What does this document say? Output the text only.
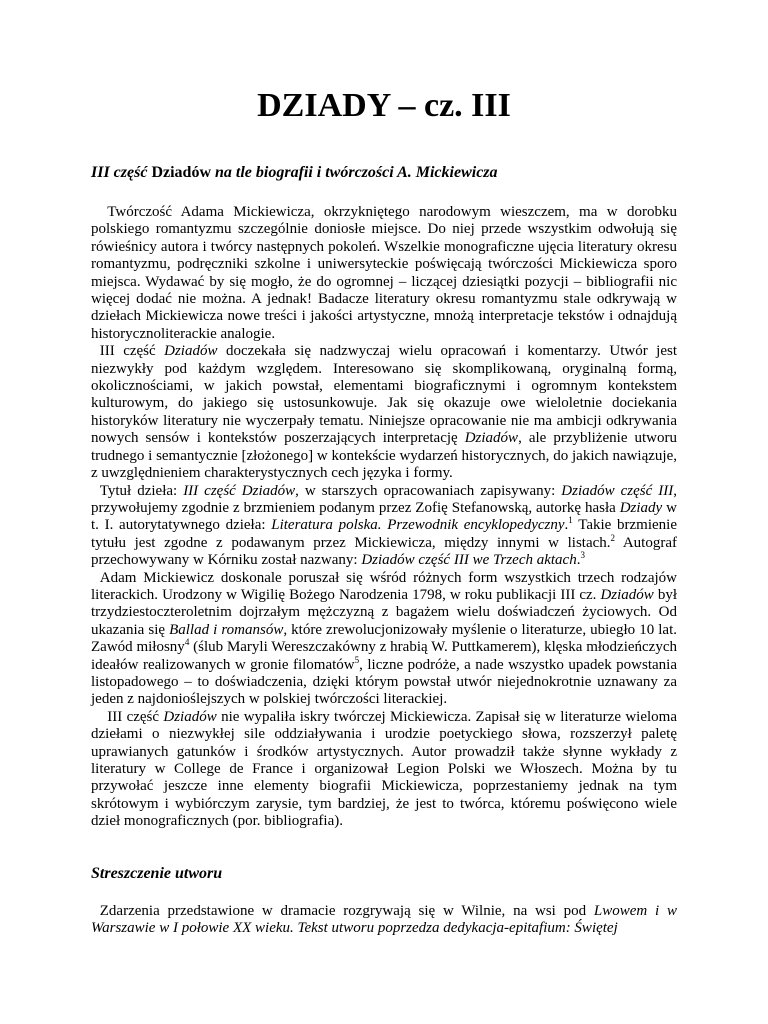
DZIADY – cz. III
III część Dziadów na tle biografii i twórczości A. Mickiewicza

  Twórczość Adama Mickiewicza, okrzykniętego narodowym wieszczem, ma w dorobku polskiego romantyzmu szczególnie doniosłe miejsce. Do niej przede wszystkim odwołują się rówieśnicy autora i twórcy następnych pokoleń. Wszelkie monograficzne ujęcia literatury okresu romantyzmu, podręczniki szkolne i uniwersyteckie poświęcają twórczości Mickiewicza sporo miejsca. Wydawać by się mogło, że do ogromnej – liczącej dziesiątki pozycji – bibliografii nic więcej dodać nie można. A jednak! Badacze literatury okresu romantyzmu stale odkrywają w dziełach Mickiewicza nowe treści i jakości artystyczne, mnożą interpretacje tekstów i odnajdują historycznoliterackie analogie.

  III część Dziadów doczekała się nadzwyczaj wielu opracowań i komentarzy. Utwór jest niezwykły pod każdym względem. Interesowano się skomplikowaną, oryginalną formą, okolicznościami, w jakich powstał, elementami biograficznymi i ogromnym kontekstem kulturowym, do jakiego się ustosunkowuje. Jak się okazuje owe wieloletnie dociekania historyków literatury nie wyczerpały tematu. Niniejsze opracowanie nie ma ambicji odkrywania nowych sensów i kontekstów poszerzających interpretację Dziadów, ale przybliżenie utworu trudnego i semantycznie [złożonego] w kontekście wydarzeń historycznych, do jakich nawiązuje, z uwzględnieniem charakterystycznych cech języka i formy.

  Tytuł dzieła: III część Dziadów, w starszych opracowaniach zapisywany: Dziadów część III, przywołujemy zgodnie z brzmieniem podanym przez Zofię Stefanowską, autorkę hasła Dziady w t. I. autorytatywnego dzieła: Literatura polska. Przewodnik encyklopedyczny.$^1$ Takie brzmienie tytułu jest zgodne z podawanym przez Mickiewicza, między innymi w listach.$^2$ Autograf przechowywany w Kórniku został nazwany: Dziadów część III we Trzech aktach.$^3$

  Adam Mickiewicz doskonale poruszał się wśród różnych form wszystkich trzech rodzajów literackich. Urodzony w Wigilię Bożego Narodzenia 1798, w roku publikacji III cz. Dziadów był trzydziestoczteroletnim dojrzałym mężczyzną z bagażem wielu doświadczeń życiowych. Od ukazania się Ballad i romansów, które zrewolucjonizowały myślenie o literaturze, ubiegło 10 lat. Zawód miłosny$^4$ (ślub Maryli Wereszczakówny z hrabią W. Puttkamerem), klęska młodzieńczych ideałów realizowanych w gronie filomatów$^5$, liczne podróże, a nade wszystko upadek powstania listopadowego – to doświadczenia, dzięki którym powstał utwór niejednokrotnie uznawany za jeden z najdonioślejszych w polskiej twórczości literackiej.

  III część Dziadów nie wypaliła iskry twórczej Mickiewicza. Zapisał się w literaturze wieloma dziełami o niezwykłej sile oddziaływania i urodzie poetyckiego słowa, rozszerzył paletę uprawianych gatunków i środków artystycznych. Autor prowadził także słynne wykłady z literatury w College de France i organizował Legion Polski we Włoszech. Można by tu przywołać jeszcze inne elementy biografii Mickiewicza, poprzestaniemy jednak na tym skrótowym i wybiórczym zarysie, tym bardziej, że jest to twórca, któremu poświęcono wiele dzieł monograficznych (por. bibliografia).

Streszczenie utworu

  Zdarzenia przedstawione w dramacie rozgrywają się w Wilnie, na wsi pod Lwowem i w Warszawie w I połowie XX wieku. Tekst utworu poprzedza dedykacja-epitafium: Świętej
